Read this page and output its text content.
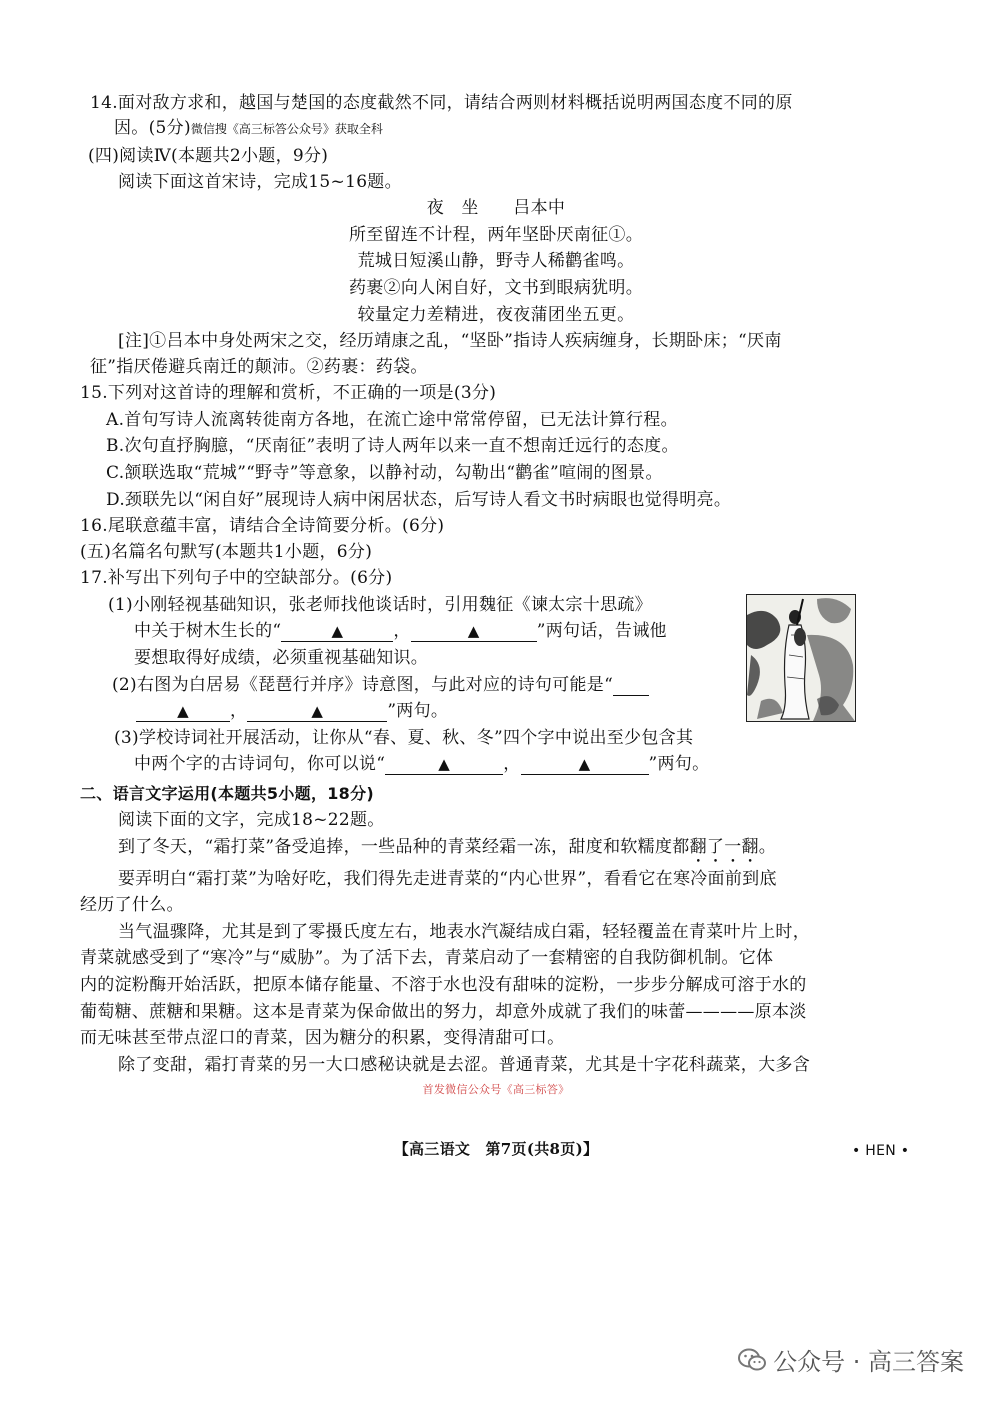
14.面对敌方求和，越国与楚国的态度截然不同，请结合两则材料概括说明两国态度不同的原
因。(5分)微信搜《高三标答公众号》获取全科
(四)阅读Ⅳ(本题共2小题，9分)
阅读下面这首宋诗，完成15~16题。
夜　坐　　吕本中
所至留连不计程，两年坚卧厌南征①。
荒城日短溪山静，野寺人稀鹳雀鸣。
药裹②向人闲自好，文书到眼病犹明。
较量定力差精进，夜夜蒲团坐五更。
[注]①吕本中身处两宋之交，经历靖康之乱，“坚卧”指诗人疾病缠身，长期卧床；“厌南
征”指厌倦避兵南迁的颠沛。②药裹：药袋。
15.下列对这首诗的理解和赏析，不正确的一项是(3分)
A.首句写诗人流离转徙南方各地，在流亡途中常常停留，已无法计算行程。
B.次句直抒胸臆，“厌南征”表明了诗人两年以来一直不想南迁远行的态度。
C.颔联选取“荒城”“野寺”等意象，以静衬动，勾勒出“鹳雀”喧闹的图景。
D.颈联先以“闲自好”展现诗人病中闲居状态，后写诗人看文书时病眼也觉得明亮。
16.尾联意蕴丰富，请结合全诗简要分析。(6分)
(五)名篇名句默写(本题共1小题，6分)
17.补写出下列句子中的空缺部分。(6分)
(1)小刚轻视基础知识，张老师找他谈话时，引用魏征《谏太宗十思疏》
中关于树木生长的“	▲	，	▲	”两句话，告诫他
要想取得好成绩，必须重视基础知识。
(2)右图为白居易《琵琶行并序》诗意图，与此对应的诗句可能是“
▲ ，	▲	”两句。
(3)学校诗词社开展活动，让你从“春、夏、秋、冬”四个字中说出至少包含其
中两个字的古诗词句，你可以说“	▲	，	▲	”两句。
二、语言文字运用(本题共5小题，18分)
阅读下面的文字，完成18~22题。
到了冬天，“霜打菜”备受追捧，一些品种的青菜经霜一冻，甜度和软糯度都翻了一翻。
要弄明白“霜打菜”为啥好吃，我们得先走进青菜的“内心世界”，看看它在寒冷面前到底
经历了什么。
当气温骤降，尤其是到了零摄氏度左右，地表水汽凝结成白霜，轻轻覆盖在青菜叶片上时，
青菜就感受到了“寒冷”与“威胁”。为了活下去，青菜启动了一套精密的自我防御机制。它体
内的淀粉酶开始活跃，把原本储存能量、不溶于水也没有甜味的淀粉，一步步分解成可溶于水的
葡萄糖、蔗糖和果糖。这本是青菜为保命做出的努力，却意外成就了我们的味蕾————原本淡
而无味甚至带点涩口的青菜，因为糖分的积累，变得清甜可口。
除了变甜，霜打青菜的另一大口感秘诀就是去涩。普通青菜，尤其是十字花科蔬菜，大多含
首发微信公众号《高三标答》
【高三语文　第7页(共8页)】	• HEN •
公众号 · 高三答案
